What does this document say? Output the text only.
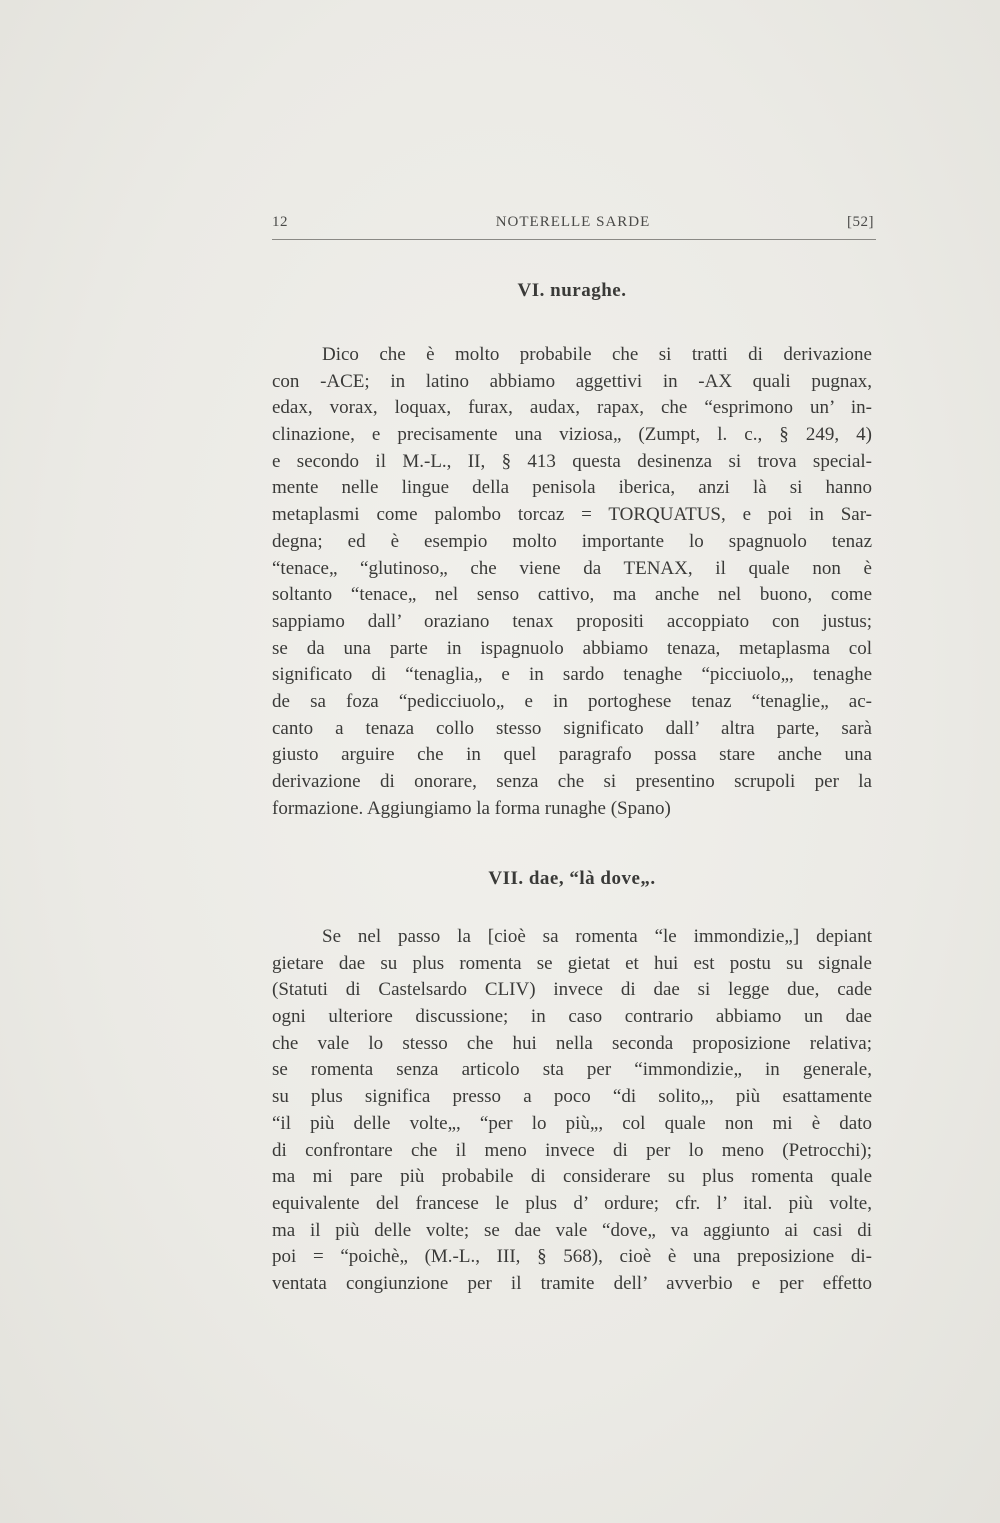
12	NOTERELLE SARDE	[52]
VI. nuraghe.
Dico che è molto probabile che si tratti di derivazione
con -ACE; in latino abbiamo aggettivi in -AX quali pugnax,
edax, vorax, loquax, furax, audax, rapax, che “esprimono un’ in-
clinazione, e precisamente una viziosa„ (Zumpt, l. c., § 249, 4)
e secondo il M.-L., II, § 413 questa desinenza si trova special-
mente nelle lingue della penisola iberica, anzi là si hanno
metaplasmi come palombo torcaz = TORQUATUS, e poi in Sar-
degna; ed è esempio molto importante lo spagnuolo tenaz
“tenace„ “glutinoso„ che viene da TENAX, il quale non è
soltanto “tenace„ nel senso cattivo, ma anche nel buono, come
sappiamo dall’ oraziano tenax propositi accoppiato con justus;
se da una parte in ispagnuolo abbiamo tenaza, metaplasma col
significato di “tenaglia„ e in sardo tenaghe “picciuolo„, tenaghe
de sa foza “pedicciuolo„ e in portoghese tenaz “tenaglie„ ac-
canto a tenaza collo stesso significato dall’ altra parte, sarà
giusto arguire che in quel paragrafo possa stare anche una
derivazione di onorare, senza che si presentino scrupoli per la
formazione. Aggiungiamo la forma runaghe (Spano)
VII. dae, “là dove„.
Se nel passo la [cioè sa romenta “le immondizie„] depiant
gietare dae su plus romenta se gietat et hui est postu su signale
(Statuti di Castelsardo CLIV) invece di dae si legge due, cade
ogni ulteriore discussione; in caso contrario abbiamo un dae
che vale lo stesso che hui nella seconda proposizione relativa;
se romenta senza articolo sta per “immondizie„ in generale,
su plus significa presso a poco “di solito„, più esattamente
“il più delle volte„, “per lo più„, col quale non mi è dato
di confrontare che il meno invece di per lo meno (Petrocchi);
ma mi pare più probabile di considerare su plus romenta quale
equivalente del francese le plus d’ ordure; cfr. l’ ital. più volte,
ma il più delle volte; se dae vale “dove„ va aggiunto ai casi di
poi = “poichè„ (M.-L., III, § 568), cioè è una preposizione di-
ventata congiunzione per il tramite dell’ avverbio e per effetto
